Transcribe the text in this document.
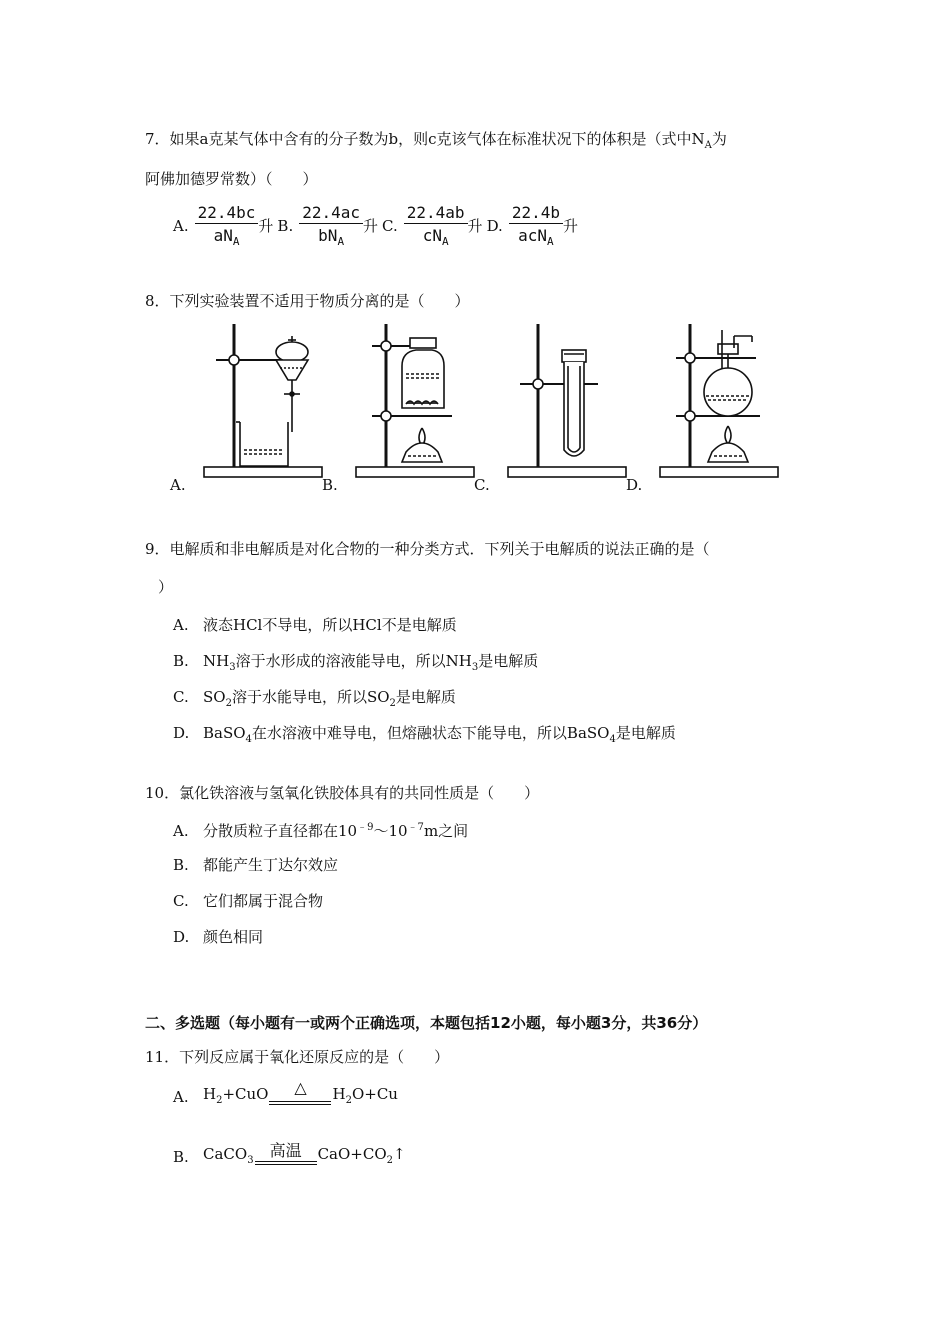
7．如果a克某气体中含有的分子数为b，则c克该气体在标准状况下的体积是（式中$N_A$为
阿佛加德罗常数）（　　）
A. $\frac{22.4bc}{aN_A}$ 升 B. $\frac{22.4ac}{bN_A}$ 升 C. $\frac{22.4ab}{cN_A}$ 升 D. $\frac{22.4b}{acN_A}$ 升
8．下列实验装置不适用于物质分离的是（　　）
A.	B.	C.	D.
9．电解质和非电解质是对化合物的一种分类方式．下列关于电解质的说法正确的是（
）
A. 液态HCl不导电，所以HCl不是电解质
B. $NH_3$溶于水形成的溶液能导电，所以$NH_3$是电解质
C. $SO_2$溶于水能导电，所以$SO_2$是电解质
D. BaSO$_4$在水溶液中难导电，但熔融状态下能导电，所以BaSO$_4$是电解质
10．氯化铁溶液与氢氧化铁胶体具有的共同性质是（　　）
A. 分散质粒子直径都在$10^{﹣9}\sim 10^{﹣7}m$之间
B. 都能产生丁达尔效应
C. 它们都属于混合物
D. 颜色相同
二、多选题（每小题有一或两个正确选项，本题包括12小题，每小题3分，共36分）
11．下列反应属于氧化还原反应的是（　　）
A. $H_2+CuO$	△	$H_2O+Cu$
B. CaCO$_3$
高温	$CaO+CO_2↑$
